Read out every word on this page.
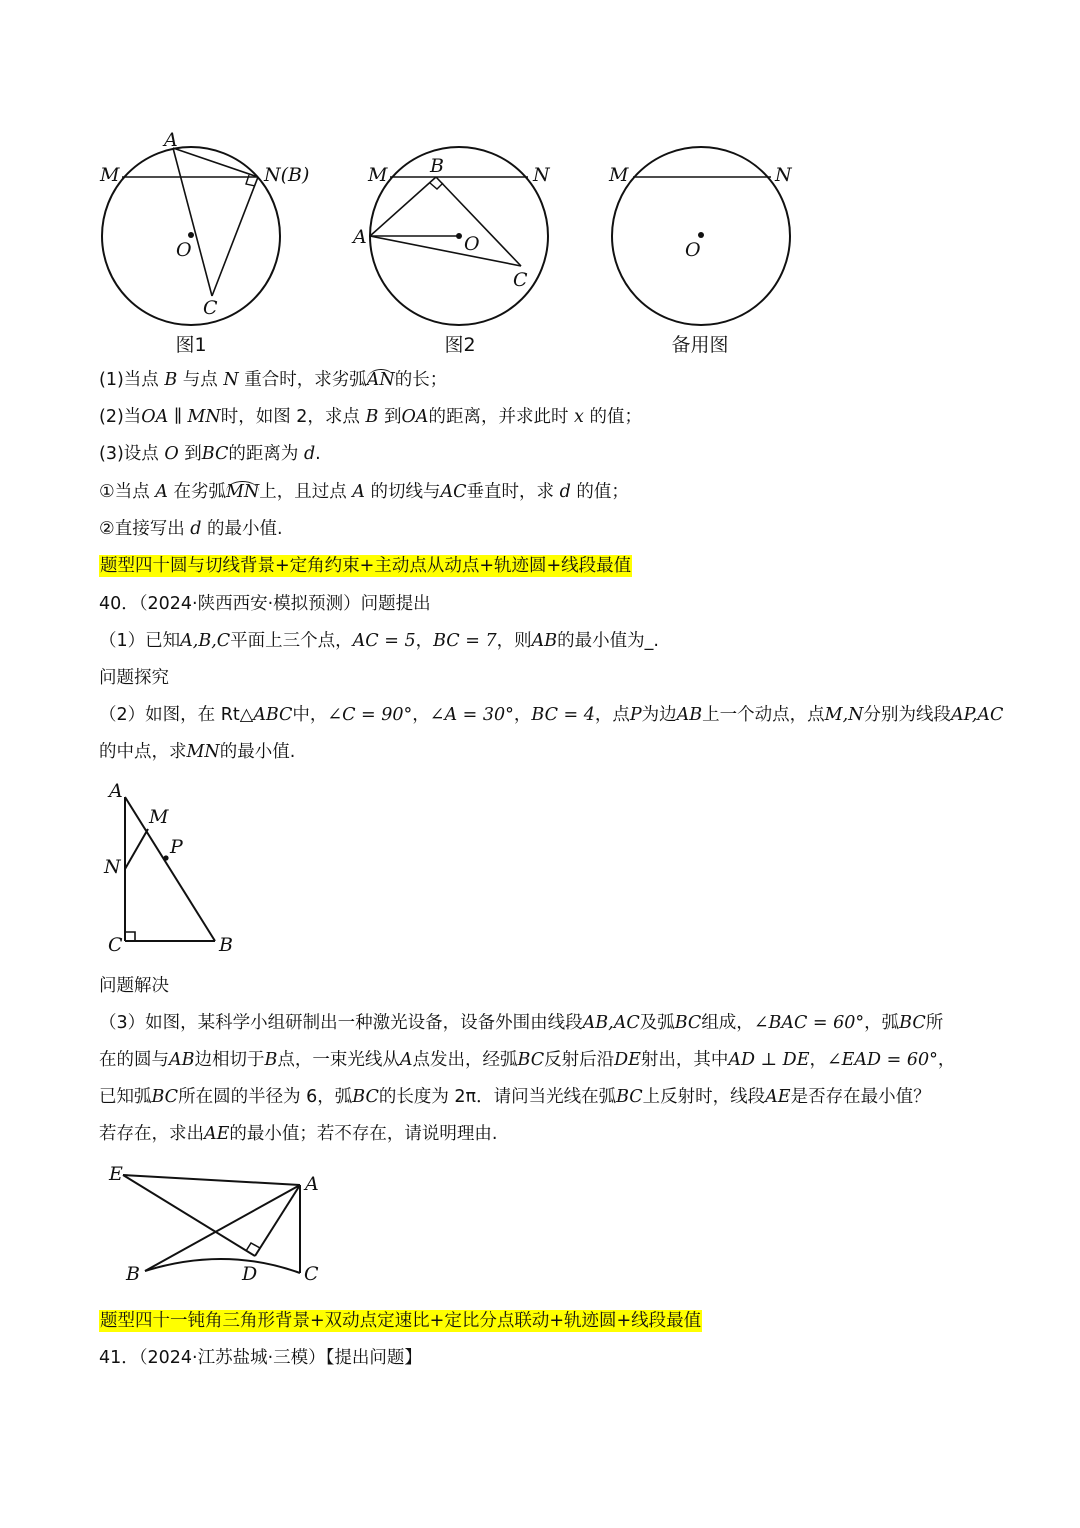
A
M	N(B)
O
C
图1
M B	N
A	O
C
图2
M	N
O
备用图
(1)当点 B 与点 N 重合时，求劣弧AN的长；
(2)当OA ∥ MN时，如图 2，求点 B 到OA的距离，并求此时 x 的值；
(3)设点 O 到BC的距离为 d.
①当点 A 在劣弧MN上，且过点 A 的切线与AC垂直时，求 d 的值；
②直接写出 d 的最小值.
题型四十圆与切线背景+定角约束+主动点从动点+轨迹圆+线段最值
40．（2024·陕西西安·模拟预测）问题提出
（1）已知A,B,C平面上三个点，AC = 5，BC = 7，则AB的最小值为_.
问题探究
（2）如图，在 Rt△ABC中，∠C = 90°，∠A = 30°，BC = 4，点P为边AB上一个动点，点M,N分别为线段AP,AC
的中点，求MN的最小值.
A
M
P
N
C	B
问题解决
（3）如图，某科学小组研制出一种激光设备，设备外围由线段AB,AC及弧BC组成，∠BAC = 60°，弧BC所
在的圆与AB边相切于B点，一束光线从A点发出，经弧BC反射后沿DE射出，其中AD ⊥ DE，∠EAD = 60°，
已知弧BC所在圆的半径为 6，弧BC的长度为 2π．请问当光线在弧BC上反射时，线段AE是否存在最小值？
若存在，求出AE的最小值；若不存在，请说明理由.
E	A
B	D C
题型四十一钝角三角形背景+双动点定速比+定比分点联动+轨迹圆+线段最值
41．（2024·江苏盐城·三模）【提出问题】
